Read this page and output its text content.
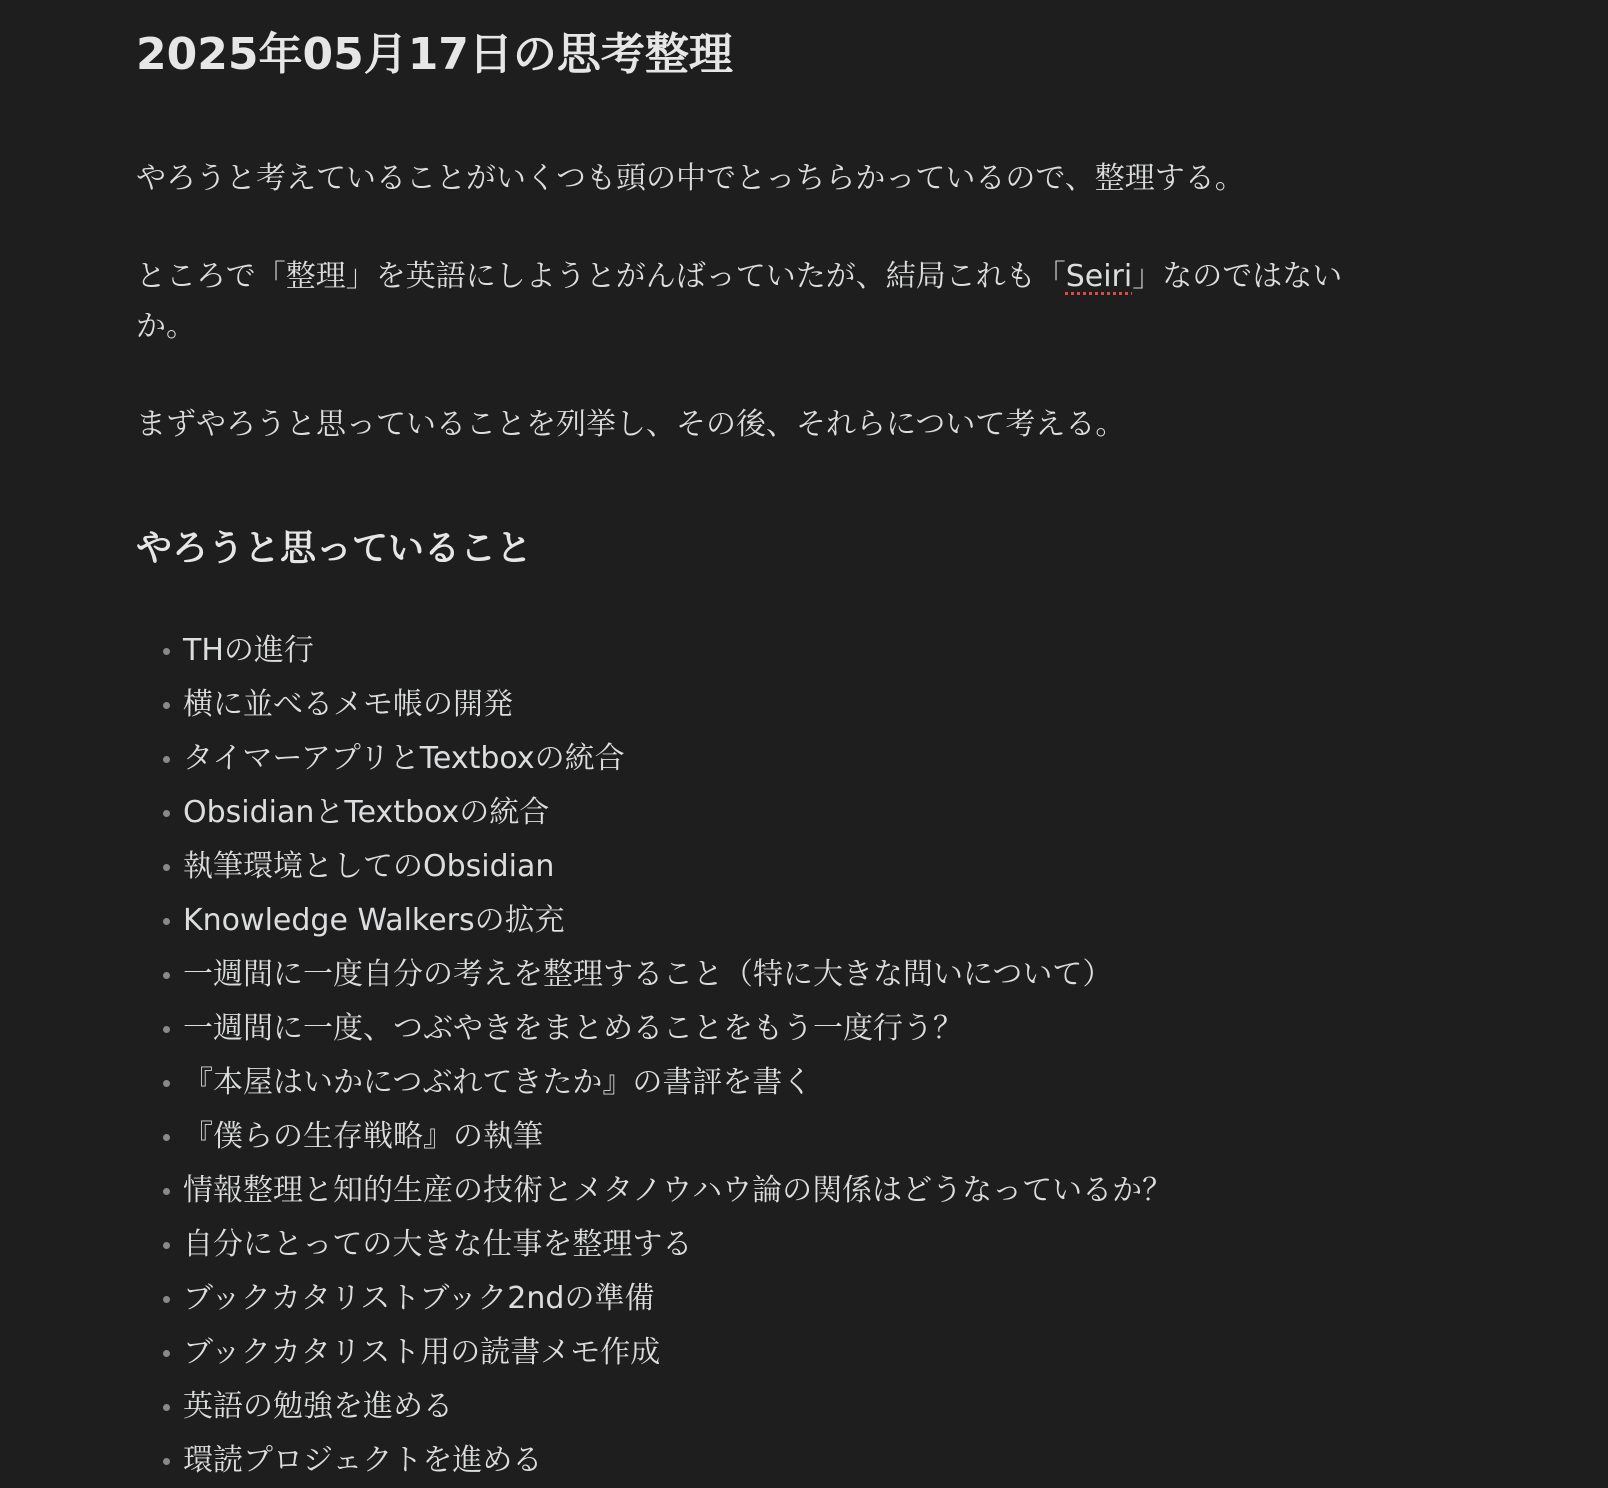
2025年05月17日の思考整理

やろうと考えていることがいくつも頭の中でとっちらかっているので、整理する。

ところで「整理」を英語にしようとがんばっていたが、結局これも「Seiri」なのではないか。

まずやろうと思っていることを列挙し、その後、それらについて考える。

やろうと思っていること
THの進行
横に並べるメモ帳の開発
タイマーアプリとTextboxの統合
ObsidianとTextboxの統合
執筆環境としてのObsidian
Knowledge Walkersの拡充
一週間に一度自分の考えを整理すること（特に大きな問いについて）
一週間に一度、つぶやきをまとめることをもう一度行う？
『本屋はいかにつぶれてきたか』の書評を書く
『僕らの生存戦略』の執筆
情報整理と知的生産の技術とメタノウハウ論の関係はどうなっているか？
自分にとっての大きな仕事を整理する
ブックカタリストブック2ndの準備
ブックカタリスト用の読書メモ作成
英語の勉強を進める
環読プロジェクトを進める
